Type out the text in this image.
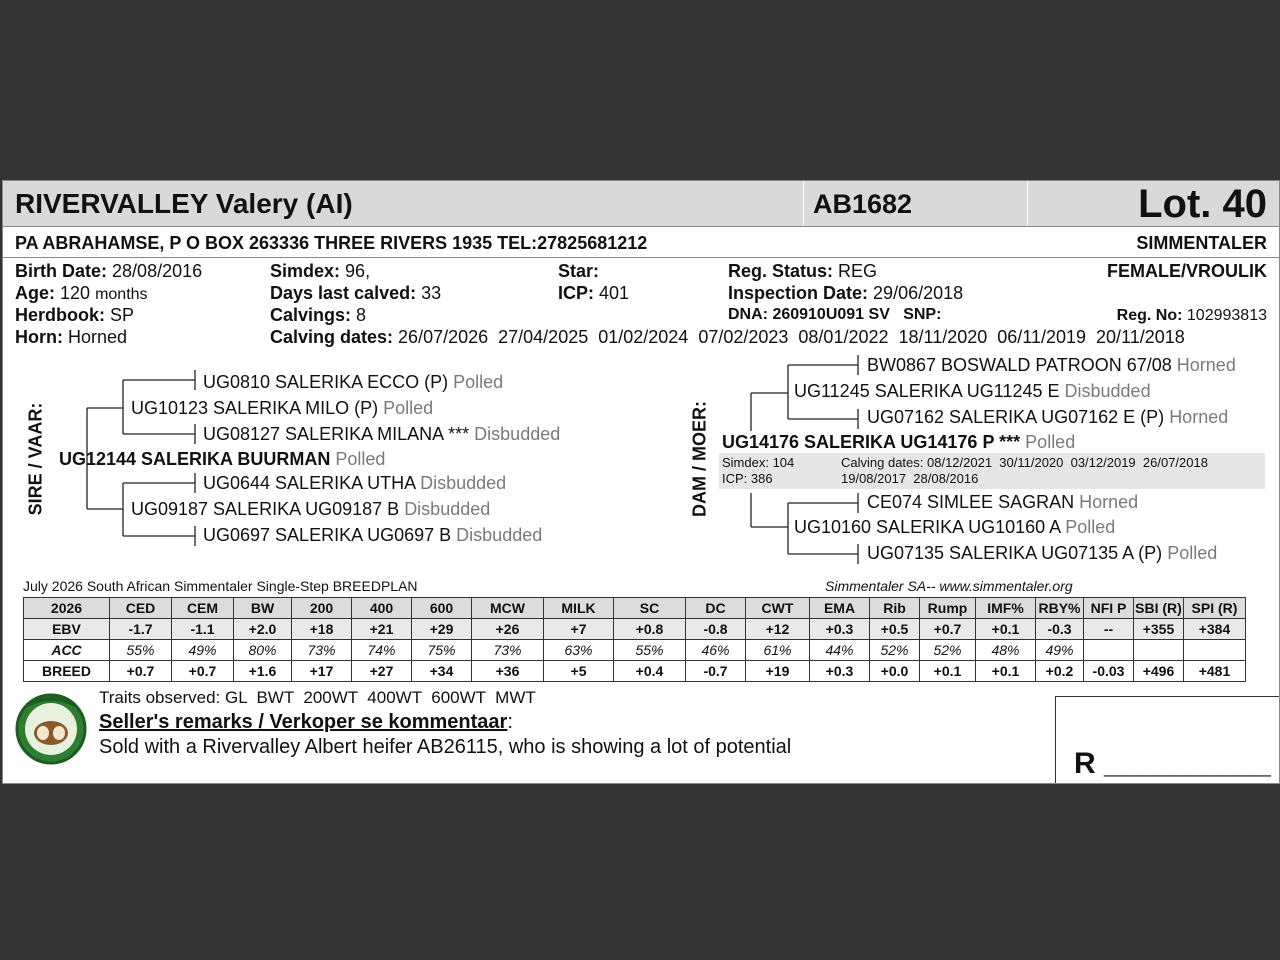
RIVERVALLEY Valery (AI)	AB1682	Lot. 40
PA ABRAHAMSE, P O BOX 263336 THREE RIVERS 1935 TEL:27825681212	SIMMENTALER
Birth Date: 28/08/2016
Age: 120 months
Herdbook: SP
Horn: Horned
Simdex: 96,
Days last calved: 33
Calvings: 8
Calving dates: 26/07/2026  27/04/2025  01/02/2024  07/02/2023  08/01/2022  18/11/2020  06/11/2019  20/11/2018
Star:
ICP: 401
Reg. Status: REG
Inspection Date: 29/06/2018
DNA: 260910U091 SV   SNP:
FEMALE/VROULIK
Reg. No: 102993813
SIRE / VAAR:
UG0810 SALERIKA ECCO (P) Polled
UG10123 SALERIKA MILO (P) Polled
UG08127 SALERIKA MILANA *** Disbudded
UG12144 SALERIKA BUURMAN Polled
UG0644 SALERIKA UTHA Disbudded
UG09187 SALERIKA UG09187 B Disbudded
UG0697 SALERIKA UG0697 B Disbudded
DAM / MOER:
BW0867 BOSWALD PATROON 67/08 Horned
UG11245 SALERIKA UG11245 E Disbudded
UG07162 SALERIKA UG07162 E (P) Horned
UG14176 SALERIKA UG14176 P *** Polled
Simdex: 104
ICP: 386
Calving dates: 08/12/2021  30/11/2020  03/12/2019  26/07/2018
19/08/2017  28/08/2016
CE074 SIMLEE SAGRAN Horned
UG10160 SALERIKA UG10160 A Polled
UG07135 SALERIKA UG07135 A (P) Polled
July 2026 South African Simmentaler Single-Step BREEDPLAN	Simmentaler SA-- www.simmentaler.org
2026	CED	CEM	BW	200	400	600	MCW	MILK	SC	DC	CWT	EMA	Rib	Rump	IMF%	RBY%	NFI P	SBI (R)	SPI (R)
EBV	-1.7	-1.1	+2.0	+18	+21	+29	+26	+7	+0.8	-0.8	+12	+0.3	+0.5	+0.7	+0.1	-0.3	--	+355	+384
ACC	55%	49%	80%	73%	74%	75%	73%	63%	55%	46%	61%	44%	52%	52%	48%	49%			
BREED	+0.7	+0.7	+1.6	+17	+27	+34	+36	+5	+0.4	-0.7	+19	+0.3	+0.0	+0.1	+0.1	+0.2	-0.03	+496	+481
Traits observed: GL  BWT  200WT  400WT  600WT  MWT
Seller's remarks / Verkoper se kommentaar:
Sold with a Rivervalley Albert heifer AB26115, who is showing a lot of potential	R __________
